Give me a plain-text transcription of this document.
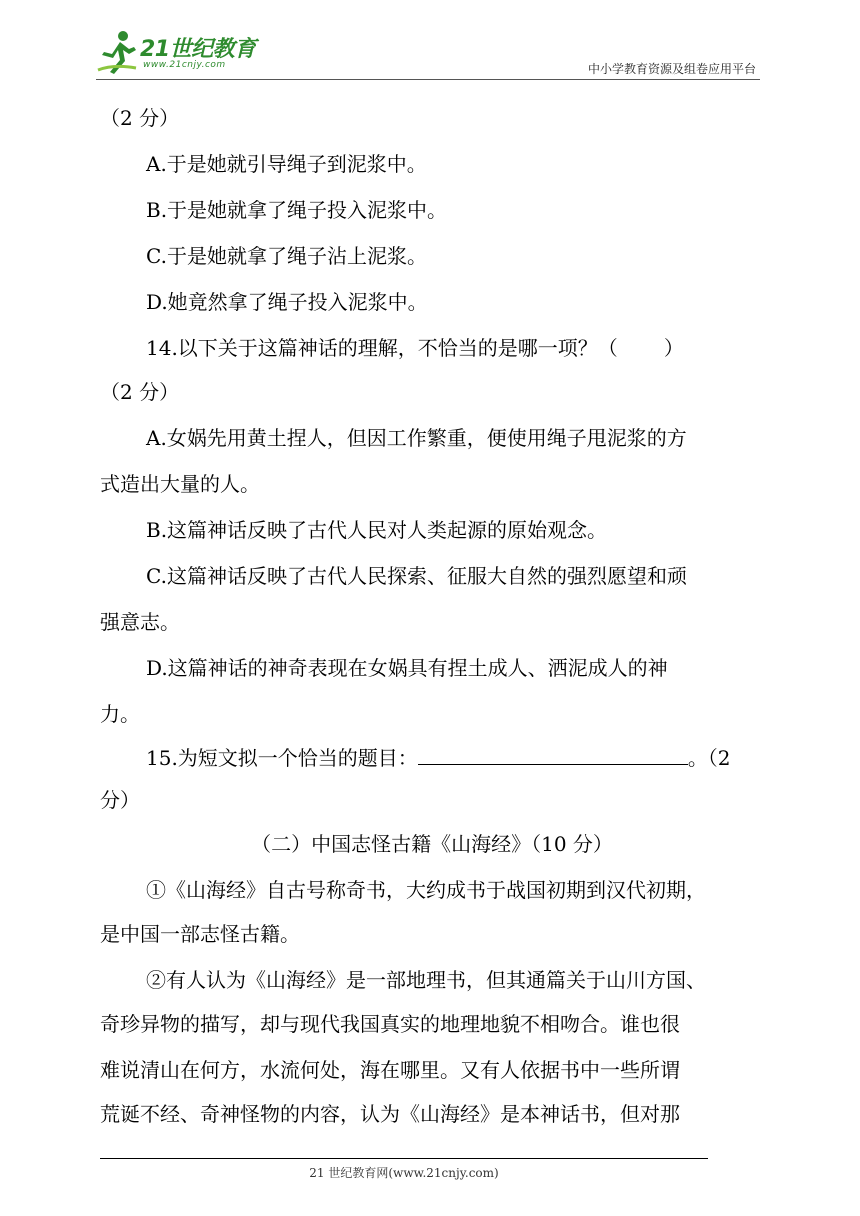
21世纪教育
www.21cnjy.com	中小学教育资源及组卷应用平台
（2 分）
A.于是她就引导绳子到泥浆中。
B.于是她就拿了绳子投入泥浆中。
C.于是她就拿了绳子沾上泥浆。
D.她竟然拿了绳子投入泥浆中。
14.以下关于这篇神话的理解，不恰当的是哪一项？（ ）
（2 分）
A.女娲先用黄土捏人，但因工作繁重，便使用绳子甩泥浆的方
式造出大量的人。
B.这篇神话反映了古代人民对人类起源的原始观念。
C.这篇神话反映了古代人民探索、征服大自然的强烈愿望和顽
强意志。
D.这篇神话的神奇表现在女娲具有捏土成人、洒泥成人的神
力。
15.为短文拟一个恰当的题目：	。（2
分）
（二）中国志怪古籍《山海经》（10 分）
①《山海经》自古号称奇书，大约成书于战国初期到汉代初期，
是中国一部志怪古籍。
②有人认为《山海经》是一部地理书，但其通篇关于山川方国、
奇珍异物的描写，却与现代我国真实的地理地貌不相吻合。谁也很
难说清山在何方，水流何处，海在哪里。又有人依据书中一些所谓
荒诞不经、奇神怪物的内容，认为《山海经》是本神话书，但对那
21 世纪教育网(www.21cnjy.com)
